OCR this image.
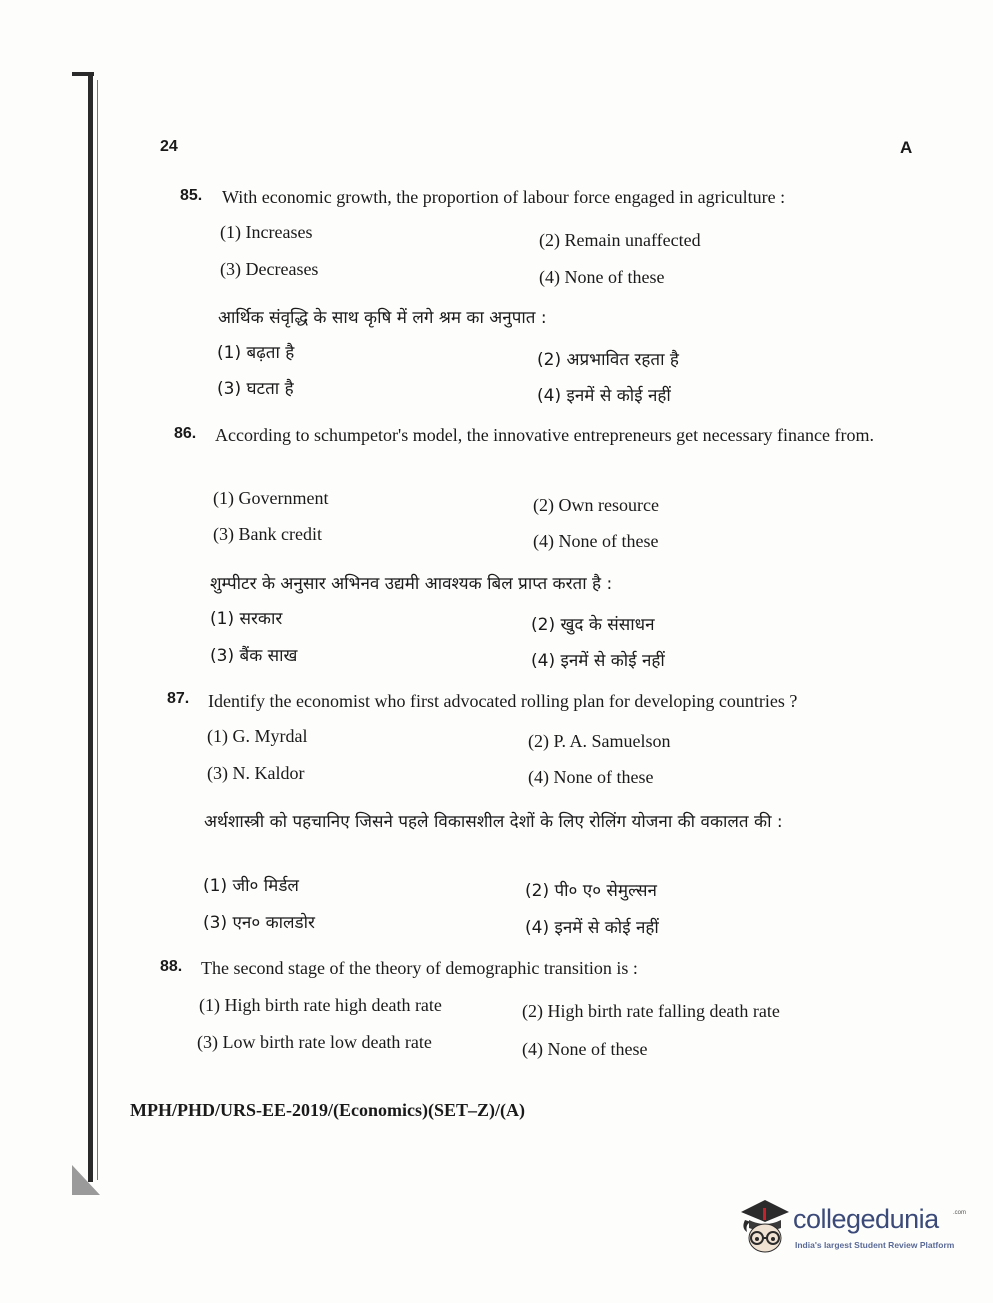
24	A
85. With economic growth, the proportion of labour force engaged in agriculture :
(1) Increases	(2) Remain unaffected
(3) Decreases	(4) None of these
आर्थिक संवृद्धि के साथ कृषि में लगे श्रम का अनुपात :
(1) बढ़ता है	(2) अप्रभावित रहता है
(3) घटता है	(4) इनमें से कोई नहीं
86. According to schumpetor's model, the innovative entrepreneurs get necessary finance from.
(1) Government	(2) Own resource
(3) Bank credit	(4) None of these
शुम्पीटर के अनुसार अभिनव उद्यमी आवश्यक बिल प्राप्त करता है :
(1) सरकार	(2) खुद के संसाधन
(3) बैंक साख	(4) इनमें से कोई नहीं
87. Identify the economist who first advocated rolling plan for developing countries ?
(1) G. Myrdal	(2) P. A. Samuelson
(3) N. Kaldor	(4) None of these
अर्थशास्त्री को पहचानिए जिसने पहले विकासशील देशों के लिए रोलिंग योजना की वकालत की :
(1) जी० मिर्डल	(2) पी० ए० सेमुल्सन
(3) एन० कालडोर	(4) इनमें से कोई नहीं
88. The second stage of the theory of demographic transition is :
(1) High birth rate high death rate	(2) High birth rate falling death rate
(3) Low birth rate low death rate	(4) None of these
MPH/PHD/URS-EE-2019/(Economics)(SET–Z)/(A)
collegedunia .com
India's largest Student Review Platform
